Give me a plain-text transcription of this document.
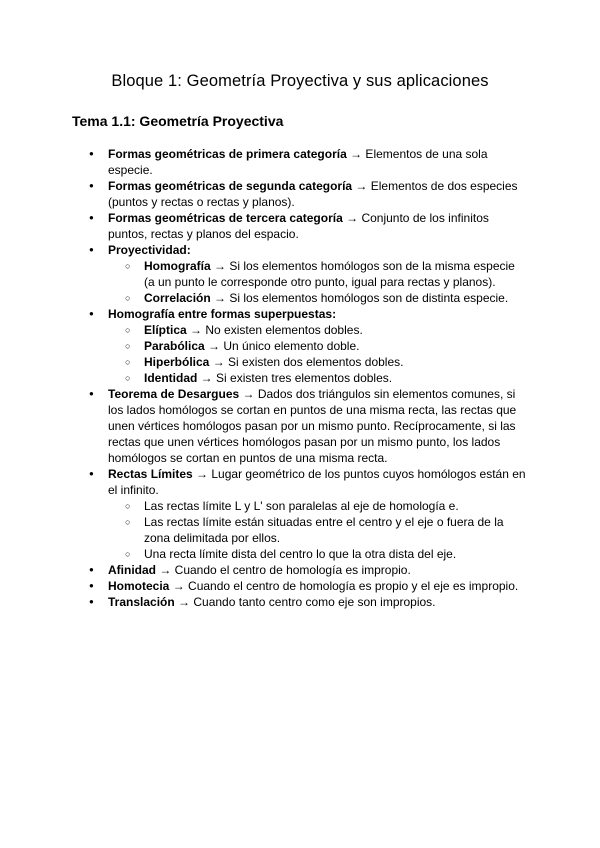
Bloque 1: Geometría Proyectiva y sus aplicaciones
Tema 1.1: Geometría Proyectiva
● Formas geométricas de primera categoría → Elementos de una sola especie.
● Formas geométricas de segunda categoría → Elementos de dos especies (puntos y rectas o rectas y planos).
● Formas geométricas de tercera categoría → Conjunto de los infinitos puntos, rectas y planos del espacio.
● Proyectividad:
○ Homografía → Si los elementos homólogos son de la misma especie (a un punto le corresponde otro punto, igual para rectas y planos).
○ Correlación → Si los elementos homólogos son de distinta especie.
● Homografía entre formas superpuestas:
○ Elíptica → No existen elementos dobles.
○ Parabólica → Un único elemento doble.
○ Hiperbólica → Si existen dos elementos dobles.
○ Identidad → Si existen tres elementos dobles.
● Teorema de Desargues → Dados dos triángulos sin elementos comunes, si los lados homólogos se cortan en puntos de una misma recta, las rectas que unen vértices homólogos pasan por un mismo punto. Recíprocamente, si las rectas que unen vértices homólogos pasan por un mismo punto, los lados homólogos se cortan en puntos de una misma recta.
● Rectas Límites → Lugar geométrico de los puntos cuyos homólogos están en el infinito.
○ Las rectas límite L y L' son paralelas al eje de homología e.
○ Las rectas límite están situadas entre el centro y el eje o fuera de la zona delimitada por ellos.
○ Una recta límite dista del centro lo que la otra dista del eje.
● Afinidad → Cuando el centro de homología es impropio.
● Homotecia → Cuando el centro de homología es propio y el eje es impropio.
● Translación → Cuando tanto centro como eje son impropios.
